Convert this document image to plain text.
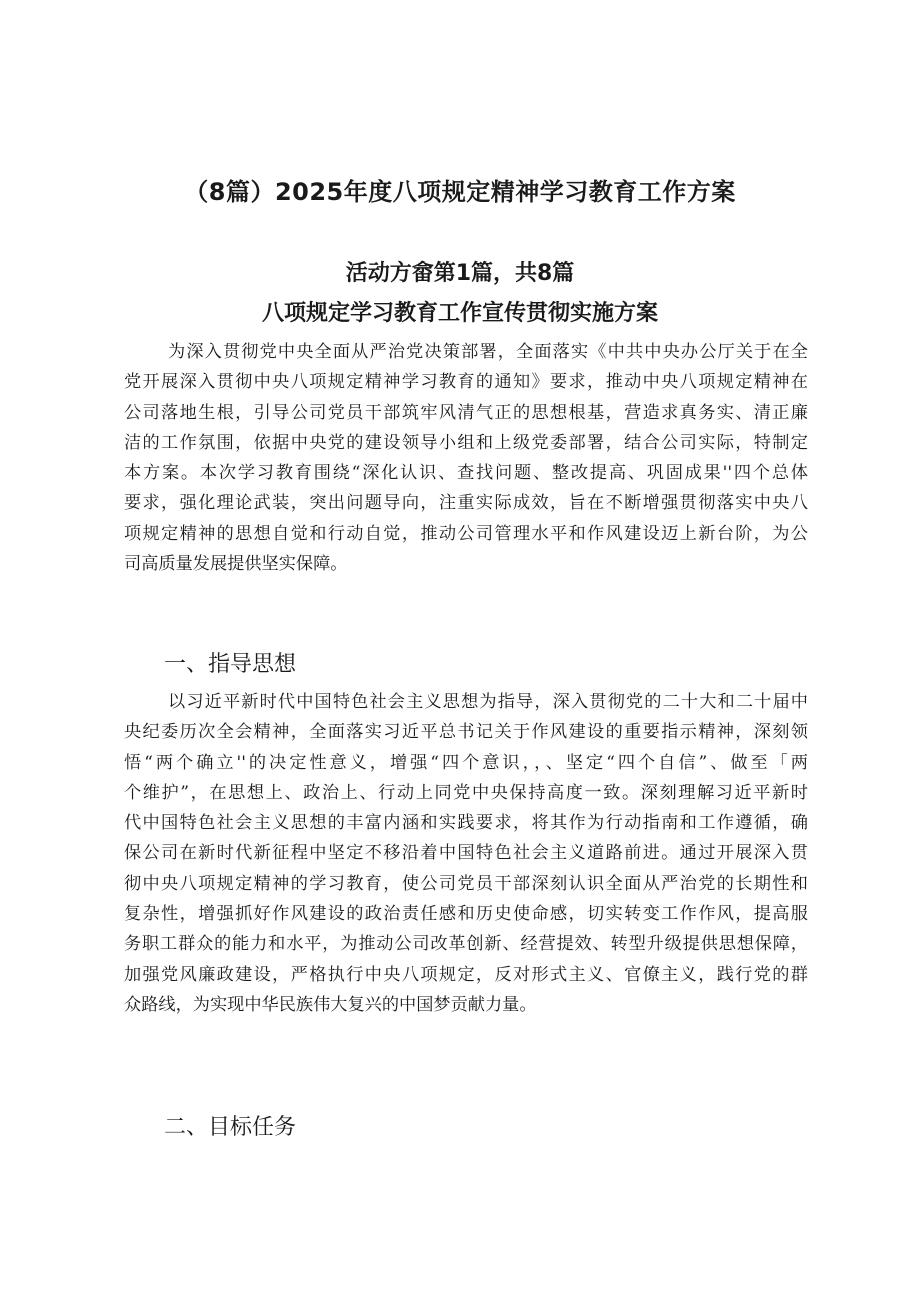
（8篇）2025年度八项规定精神学习教育工作方案
活动方畲第1篇，共8篇
八项规定学习教育工作宣传贯彻实施方案
为深入贯彻党中央全面从严治党决策部署，全面落实《中共中央办公厅关于在全
党开展深入贯彻中央八项规定精神学习教育的通知》要求，推动中央八项规定精神在
公司落地生根，引导公司党员干部筑牢风清气正的思想根基，营造求真务实、清正廉
洁的工作氛围，依据中央党的建设领导小组和上级党委部署，结合公司实际，特制定
本方案。本次学习教育围绕“深化认识、查找问题、整改提高、巩固成果''四个总体
要求，强化理论武装，突出问题导向，注重实际成效，旨在不断增强贯彻落实中央八
项规定精神的思想自觉和行动自觉，推动公司管理水平和作风建设迈上新台阶，为公
司高质量发展提供坚实保障。
一、指导思想
以习近平新时代中国特色社会主义思想为指导，深入贯彻党的二十大和二十届中
央纪委历次全会精神，全面落实习近平总书记关于作风建设的重要指示精神，深刻领
悟“两个确立''的决定性意义，增强“四个意识，，、坚定“四个自信”、做至「两
个维护”，在思想上、政治上、行动上同党中央保持高度一致。深刻理解习近平新时
代中国特色社会主义思想的丰富内涵和实践要求，将其作为行动指南和工作遵循，确
保公司在新时代新征程中坚定不移沿着中国特色社会主义道路前进。通过开展深入贯
彻中央八项规定精神的学习教育，使公司党员干部深刻认识全面从严治党的长期性和
复杂性，增强抓好作风建设的政治责任感和历史使命感，切实转变工作作风，提高服
务职工群众的能力和水平，为推动公司改革创新、经营提效、转型升级提供思想保障，
加强党风廉政建设，严格执行中央八项规定，反对形式主义、官僚主义，践行党的群
众路线，为实现中华民族伟大复兴的中国梦贡献力量。
二、目标任务
